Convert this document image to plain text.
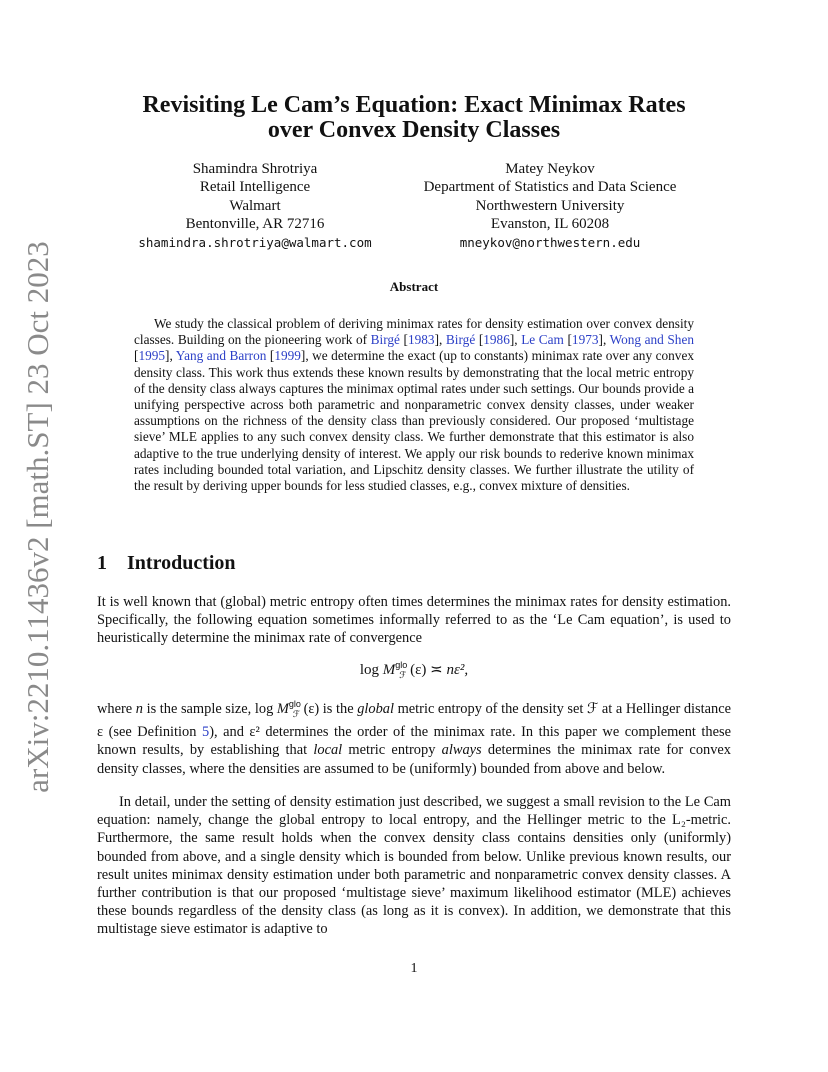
arXiv:2210.11436v2 [math.ST] 23 Oct 2023
Revisiting Le Cam’s Equation: Exact Minimax Rates
over Convex Density Classes
Shamindra Shrotriya
Retail Intelligence
Walmart
Bentonville, AR 72716
shamindra.shrotriya@walmart.com
Matey Neykov
Department of Statistics and Data Science
Northwestern University
Evanston, IL 60208
mneykov@northwestern.edu
Abstract

We study the classical problem of deriving minimax rates for density estimation over convex density classes. Building on the pioneering work of Birgé [1983], Birgé [1986], Le Cam [1973], Wong and Shen [1995], Yang and Barron [1999], we determine the exact (up to constants) minimax rate over any convex density class. This work thus extends these known results by demonstrating that the local metric entropy of the density class always captures the minimax optimal rates under such settings. Our bounds provide a unifying perspective across both parametric and nonparametric convex density classes, under weaker assumptions on the richness of the density class than previously considered. Our proposed ‘multistage sieve’ MLE applies to any such convex density class. We further demonstrate that this estimator is also adaptive to the true underlying density of interest. We apply our risk bounds to rederive known minimax rates including bounded total variation, and Lipschitz density classes. We further illustrate the utility of the result by deriving upper bounds for less studied classes, e.g., convex mixture of densities.

1 Introduction

It is well known that (global) metric entropy often times determines the minimax rates for density estimation. Specifically, the following equation sometimes informally referred to as the ‘Le Cam equation’, is used to heuristically determine the minimax rate of convergence

$\log M^{glo}_ℱ$ (ε) ≍ nε²,

where n is the sample size, $\log M^{glo}_ℱ$ (ε) is the global metric entropy of the density set ℱ at a Hellinger distance ε (see Definition 5), and ε² determines the order of the minimax rate. In this paper we complement these known results, by establishing that local metric entropy always determines the minimax rate for convex density classes, where the densities are assumed to be (uniformly) bounded from above and below.

In detail, under the setting of density estimation just described, we suggest a small revision to the Le Cam equation: namely, change the global entropy to local entropy, and the Hellinger metric to the L₂-metric. Furthermore, the same result holds when the convex density class contains densities only (uniformly) bounded from above, and a single density which is bounded from below. Unlike previous known results, our result unites minimax density estimation under both parametric and nonparametric convex density classes. A further contribution is that our proposed ‘multistage sieve’ maximum likelihood estimator (MLE) achieves these bounds regardless of the density class (as long as it is convex). In addition, we demonstrate that this multistage sieve estimator is adaptive to

1
